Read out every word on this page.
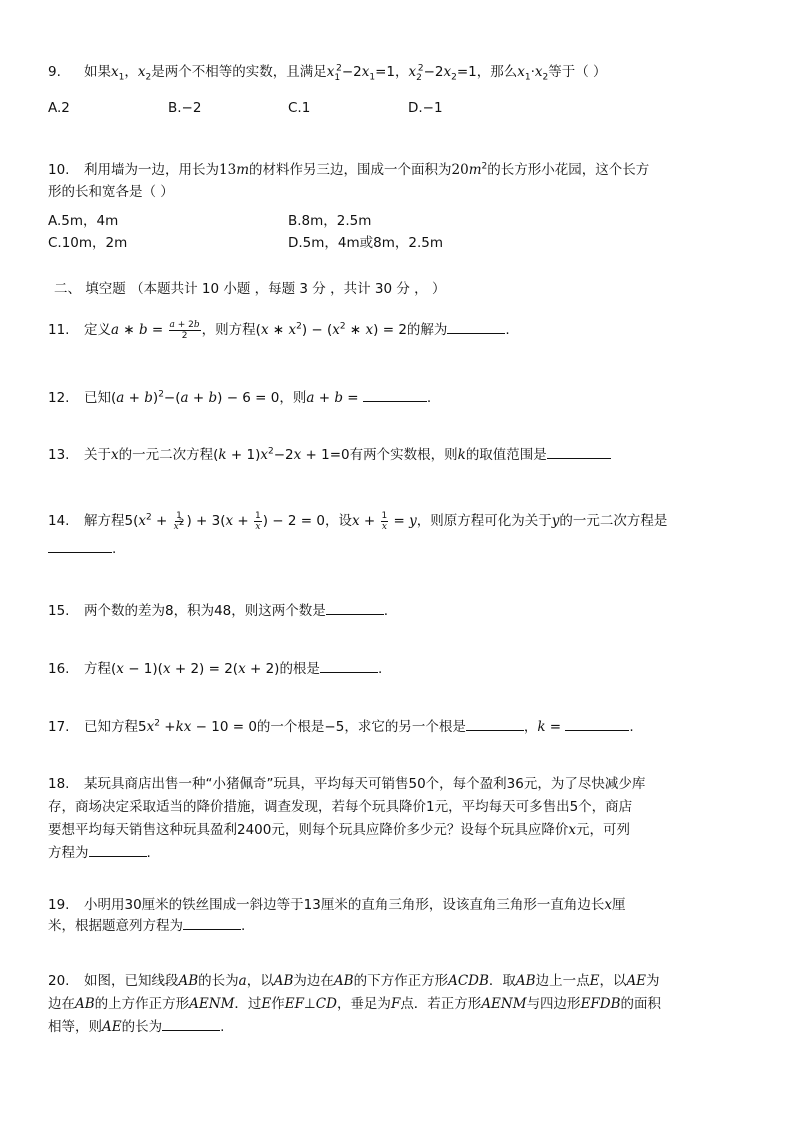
9. 如果$x_1$，$x_2$是两个不相等的实数，且满足$x_1^2-2x_1=1$，$x_2^2-2x_2=1$，那么$x_1\cdot x_2$等于（ ）
A.2	B.−2	C.1	D.−1
10. 利用墙为一边，用长为13m的材料作另三边，围成一个面积为$20m^2$的长方形小花园，这个长方
形的长和宽各是（ ）
A.5m，4m	B.8m，2.5m
C.10m，2m	D.5m，4m或8m，2.5m
二、 填空题 （本题共计 10 小题 ，每题 3 分 ，共计 30 分 ， ）
11. 定义a ∗ $b = \frac{a + 2b}{2}$ ，则方程(x ∗ $x^2) - (x^2$ ∗ x) = 2的解为	.
12. 已知$(a + b)^2-(a + b) - 6 = 0$，则a + b =	.
13. 关于x的一元二次方程$(k + 1)x^2-2x + 1=0$有两个实数根，则k的取值范围是
14. 解方程$5(x^2 + \frac{1}{x^2}$ ) + $3(x + \frac{1}{x}$ ) − 2 = 0，设$x + \frac{1}{x} = y$，则原方程可化为关于y的一元二次方程是
.
15. 两个数的差为8，积为48，则这两个数是	.
16. 方程(x − 1)(x + 2) = 2(x + 2)的根是	.
17. 已知方程$5x^2 +kx - 10 = 0$的一个根是−5，求它的另一个根是	，k =	.
18. 某玩具商店出售一种“小猪佩奇”玩具，平均每天可销售50个，每个盈利36元，为了尽快减少库
存，商场决定采取适当的降价措施，调查发现，若每个玩具降价1元，平均每天可多售出5个，商店
要想平均每天销售这种玩具盈利2400元，则每个玩具应降价多少元？设每个玩具应降价x元，可列
方程为	.
19. 小明用30厘米的铁丝围成一斜边等于13厘米的直角三角形，设该直角三角形一直角边长x厘
米，根据题意列方程为	.
20. 如图，已知线段AB的长为a，以AB为边在AB的下方作正方形ACDB．取AB边上一点E，以AE为
边在AB的上方作正方形AENM．过E作EF⊥CD，垂足为F点．若正方形AENM与四边形EFDB的面积
相等，则AE的长为	.
